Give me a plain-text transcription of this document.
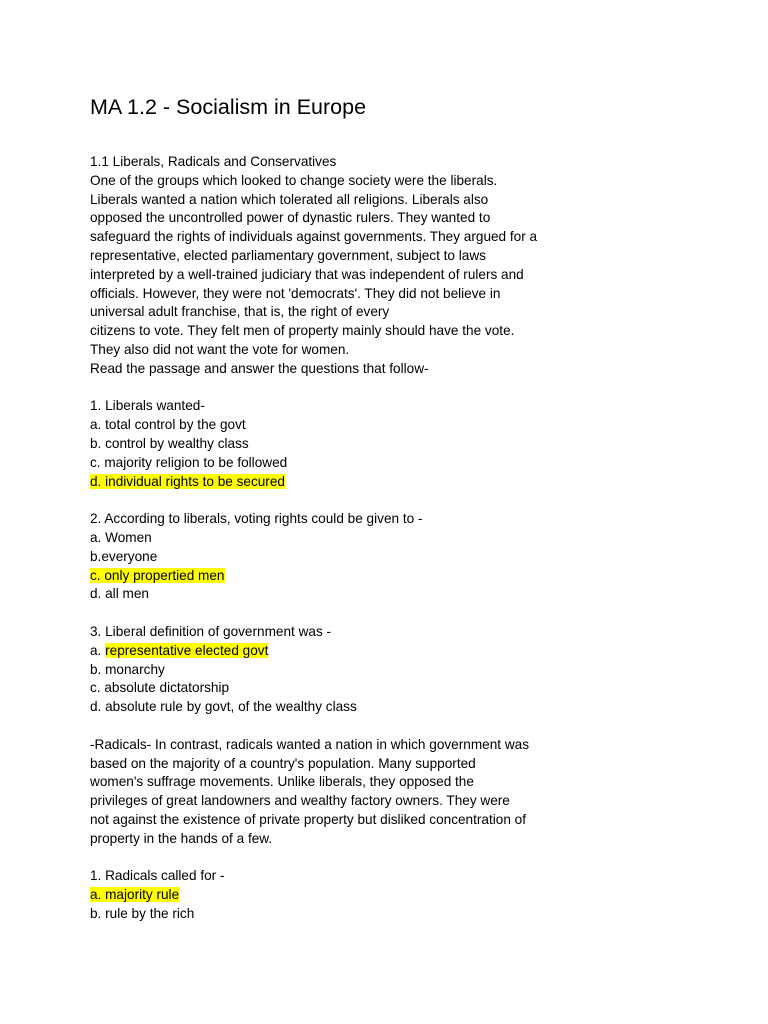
MA 1.2 - Socialism in Europe
1.1 Liberals, Radicals and Conservatives
One of the groups which looked to change society were the liberals.
Liberals wanted a nation which tolerated all religions. Liberals also
opposed the uncontrolled power of dynastic rulers. They wanted to
safeguard the rights of individuals against governments. They argued for a
representative, elected parliamentary government, subject to laws
interpreted by a well-trained judiciary that was independent of rulers and
officials. However, they were not 'democrats'. They did not believe in
universal adult franchise, that is, the right of every
citizens to vote. They felt men of property mainly should have the vote.
They also did not want the vote for women.
Read the passage and answer the questions that follow-
1. Liberals wanted-
a. total control by the govt
b. control by wealthy class
c. majority religion to be followed
d. individual rights to be secured
2. According to liberals, voting rights could be given to -
a. Women
b.everyone
c. only propertied men
d. all men
3. Liberal definition of government was -
a. representative elected govt
b. monarchy
c. absolute dictatorship
d. absolute rule by govt, of the wealthy class
-Radicals- In contrast, radicals wanted a nation in which government was
based on the majority of a country's population. Many supported
women's suffrage movements. Unlike liberals, they opposed the
privileges of great landowners and wealthy factory owners. They were
not against the existence of private property but disliked concentration of
property in the hands of a few.
1. Radicals called for -
a. majority rule
b. rule by the rich
